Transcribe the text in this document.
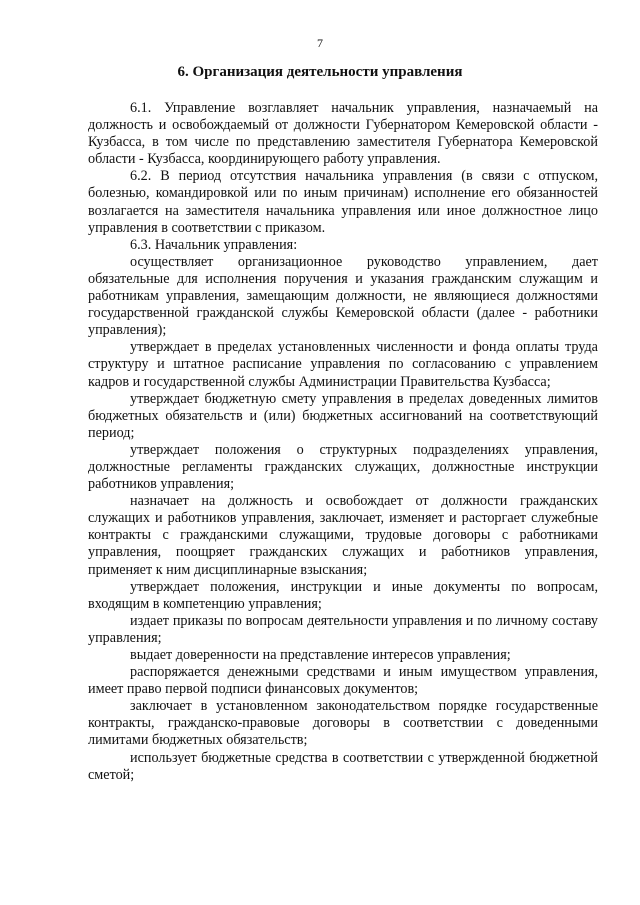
7
6. Организация деятельности управления

6.1. Управление возглавляет начальник управления, назначаемый на должность и освобождаемый от должности Губернатором Кемеровской области - Кузбасса, в том числе по представлению заместителя Губернатора Кемеровской области - Кузбасса, координирующего работу управления.

6.2. В период отсутствия начальника управления (в связи с отпуском, болезнью, командировкой или по иным причинам) исполнение его обязанностей возлагается на заместителя начальника управления или иное должностное лицо управления в соответствии с приказом.

6.3. Начальник управления:

осуществляет организационное руководство управлением, дает обязательные для исполнения поручения и указания гражданским служащим и работникам управления, замещающим должности, не являющиеся должностями государственной гражданской службы Кемеровской области (далее - работники управления);

утверждает в пределах установленных численности и фонда оплаты труда структуру и штатное расписание управления по согласованию с управлением кадров и государственной службы Администрации Правительства Кузбасса;

утверждает бюджетную смету управления в пределах доведенных лимитов бюджетных обязательств и (или) бюджетных ассигнований на соответствующий период;

утверждает положения о структурных подразделениях управления, должностные регламенты гражданских служащих, должностные инструкции работников управления;

назначает на должность и освобождает от должности гражданских служащих и работников управления, заключает, изменяет и расторгает служебные контракты с гражданскими служащими, трудовые договоры с работниками управления, поощряет гражданских служащих и работников управления, применяет к ним дисциплинарные взыскания;

утверждает положения, инструкции и иные документы по вопросам, входящим в компетенцию управления;

издает приказы по вопросам деятельности управления и по личному составу управления;

выдает доверенности на представление интересов управления;

распоряжается денежными средствами и иным имуществом управления, имеет право первой подписи финансовых документов;

заключает в установленном законодательством порядке государственные контракты, гражданско-правовые договоры в соответствии с доведенными лимитами бюджетных обязательств;

использует бюджетные средства в соответствии с утвержденной бюджетной сметой;
